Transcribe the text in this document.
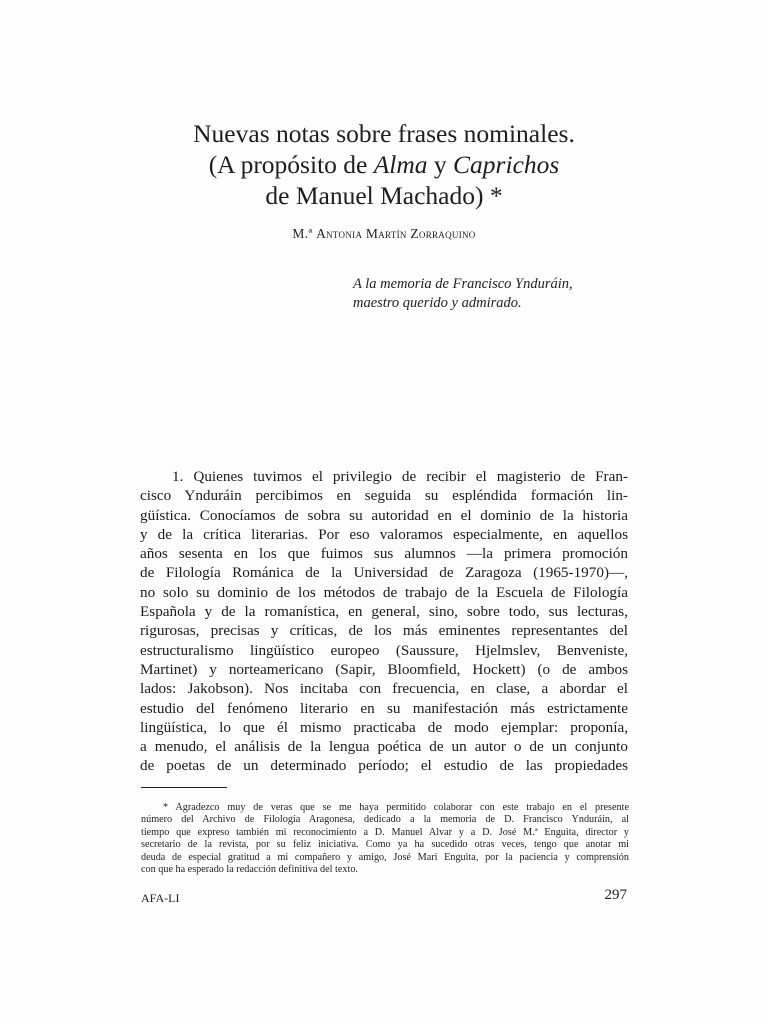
Nuevas notas sobre frases nominales.
(A propósito de Alma y Caprichos
de Manuel Machado) *
M.ª Antonia Martín Zorraquino
A la memoria de Francisco Ynduráin,
maestro querido y admirado.
1. Quienes tuvimos el privilegio de recibir el magisterio de Fran-
cisco Ynduráin percibimos en seguida su espléndida formación lin-
güística. Conocíamos de sobra su autoridad en el dominio de la historia
y de la crítica literarias. Por eso valoramos especialmente, en aquellos
años sesenta en los que fuimos sus alumnos —la primera promoción
de Filología Románica de la Universidad de Zaragoza (1965-1970)—,
no solo su dominio de los métodos de trabajo de la Escuela de Filología
Española y de la romanística, en general, sino, sobre todo, sus lecturas,
rigurosas, precisas y críticas, de los más eminentes representantes del
estructuralismo lingüístico europeo (Saussure, Hjelmslev, Benveniste,
Martinet) y norteamericano (Sapir, Bloomfield, Hockett) (o de ambos
lados: Jakobson). Nos incitaba con frecuencia, en clase, a abordar el
estudio del fenómeno literario en su manifestación más estrictamente
lingüística, lo que él mismo practicaba de modo ejemplar: proponía,
a menudo, el análisis de la lengua poética de un autor o de un conjunto
de poetas de un determinado período; el estudio de las propiedades
* Agradezco muy de veras que se me haya permitido colaborar con este trabajo en el presente
número del Archivo de Filología Aragonesa, dedicado a la memoria de D. Francisco Ynduráin, al
tiempo que expreso también mi reconocimiento a D. Manuel Alvar y a D. José M.ª Enguita, director y
secretario de la revista, por su feliz iniciativa. Como ya ha sucedido otras veces, tengo que anotar mi
deuda de especial gratitud a mi compañero y amigo, José Mari Enguita, por la paciencia y comprensión
con que ha esperado la redacción definitiva del texto.
AFA-LI	297
